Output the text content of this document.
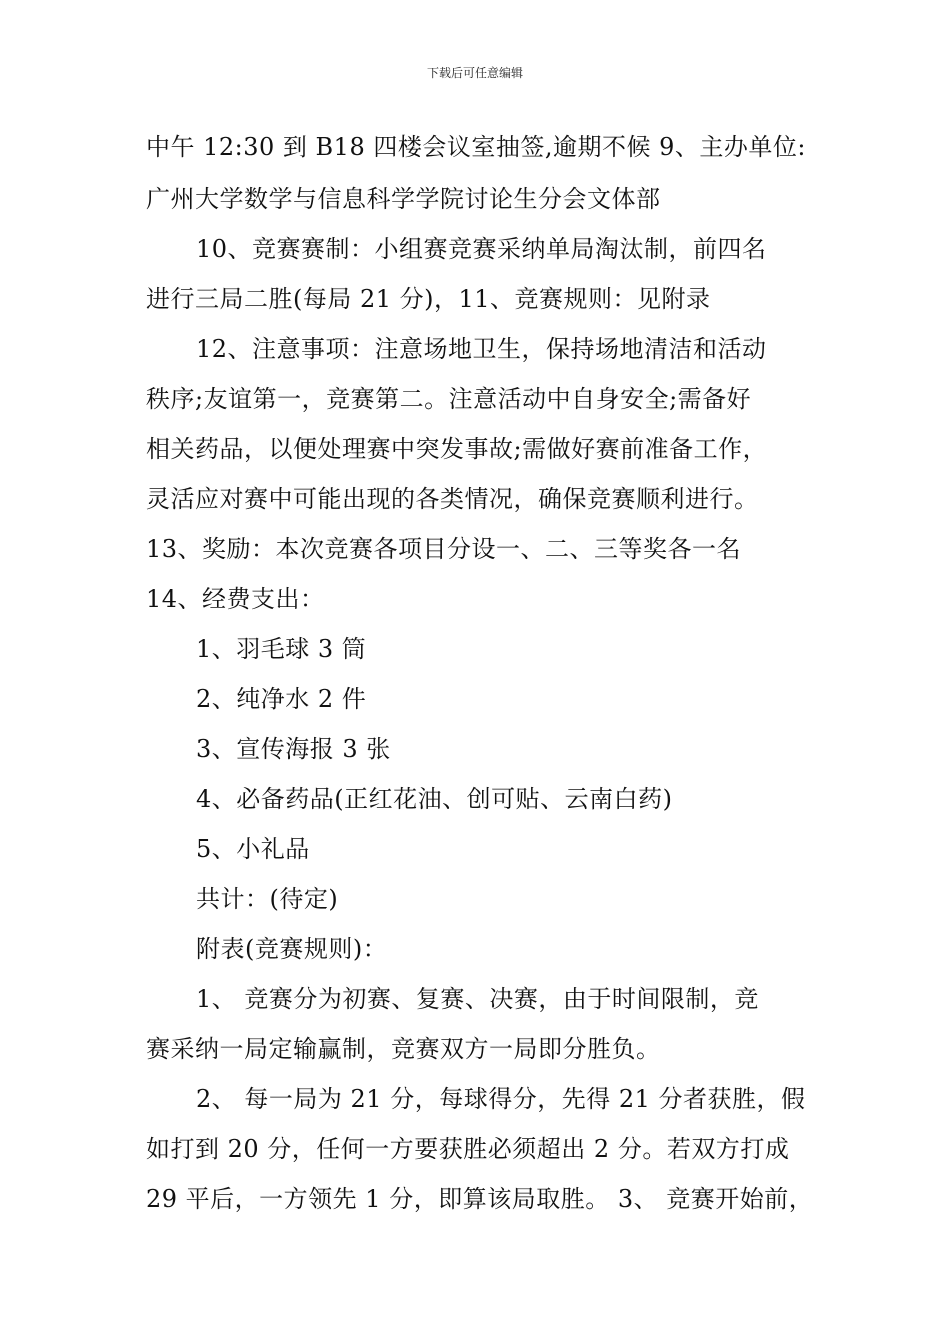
下载后可任意编辑
中午 12:30 到 B18 四楼会议室抽签,逾期不候 9、主办单位:
广州大学数学与信息科学学院讨论生分会文体部
10、竞赛赛制：小组赛竞赛采纳单局淘汰制，前四名
进行三局二胜(每局 21 分)，11、竞赛规则：见附录
12、注意事项：注意场地卫生，保持场地清洁和活动
秩序;友谊第一，竞赛第二。注意活动中自身安全;需备好
相关药品，以便处理赛中突发事故;需做好赛前准备工作，
灵活应对赛中可能出现的各类情况，确保竞赛顺利进行。
13、奖励：本次竞赛各项目分设一、二、三等奖各一名
14、经费支出：
1、羽毛球 3 筒
2、纯净水 2 件
3、宣传海报 3 张
4、必备药品(正红花油、创可贴、云南白药)
5、小礼品
共计：(待定)
附表(竞赛规则)：
1、 竞赛分为初赛、复赛、决赛，由于时间限制，竞
赛采纳一局定输赢制，竞赛双方一局即分胜负。
2、 每一局为 21 分，每球得分，先得 21 分者获胜，假
如打到 20 分，任何一方要获胜必须超出 2 分。若双方打成
29 平后，一方领先 1 分，即算该局取胜。 3、 竞赛开始前，
